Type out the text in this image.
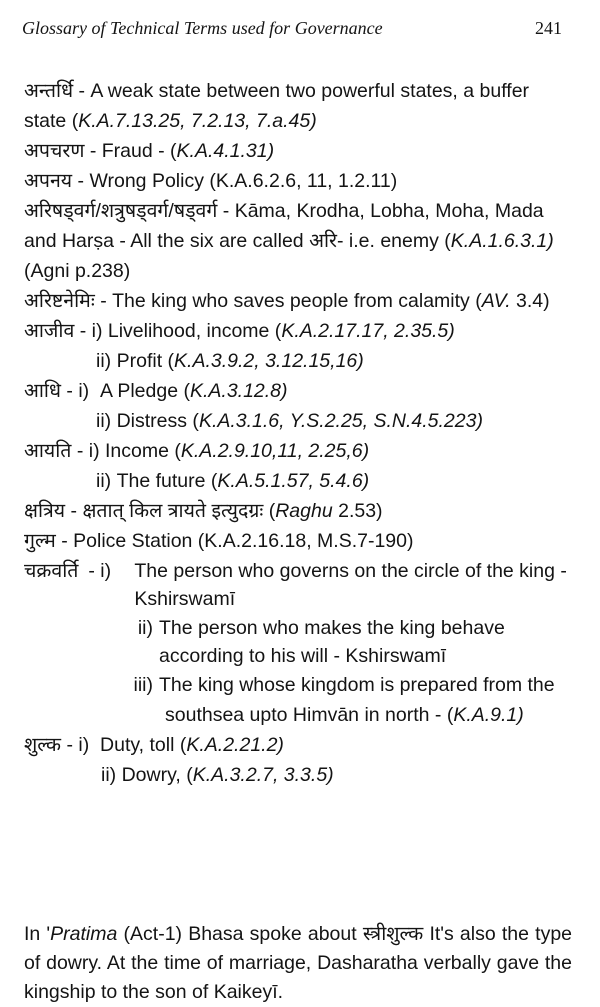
Glossary of Technical Terms used for Governance	241

अन्तर्धि - A weak state between two powerful states, a buffer state (K.A.7.13.25, 7.2.13, 7.a.45)

अपचरण - Fraud - (K.A.4.1.31)

अपनय - Wrong Policy (K.A.6.2.6, 11, 1.2.11)

अरिषड्वर्ग/शत्रुषड्वर्ग/षड्वर्ग - Kāma, Krodha, Lobha, Moha, Mada and Harṣa - All the six are called अरि- i.e. enemy (K.A.1.6.3.1) (Agni p.238)

अरिष्टनेमिः - The king who saves people from calamity (AV. 3.4)

आजीव - i) Livelihood, income (K.A.2.17.17, 2.35.5)
ii) Profit (K.A.3.9.2, 3.12.15,16)
आधि - i) A Pledge (K.A.3.12.8)
ii) Distress (K.A.3.1.6, Y.S.2.25, S.N.4.5.223)
आयति - i) Income (K.A.2.9.10,11, 2.25,6)
ii) The future (K.A.5.1.57, 5.4.6)

क्षत्रिय - क्षतात् किल त्रायते इत्युदग्रः (Raghu 2.53)

गुल्म - Police Station (K.A.2.16.18, M.S.7-190)

चक्रवर्ति - i)	The person who governs on the circle of the king -
Kshirswamī
ii) The person who makes the king behave according to his will - Kshirswamī
iii) The king whose kingdom is prepared from the
southsea upto Himvān in north - (K.A.9.1)
शुल्क - i) Duty, toll (K.A.2.21.2)
ii) Dowry, (K.A.3.2.7, 3.3.5)

In 'Pratima (Act-1) Bhasa spoke about स्त्रीशुल्क It's also the type of dowry. At the time of marriage, Dasharatha verbally gave the kingship to the son of Kaikeyī.
